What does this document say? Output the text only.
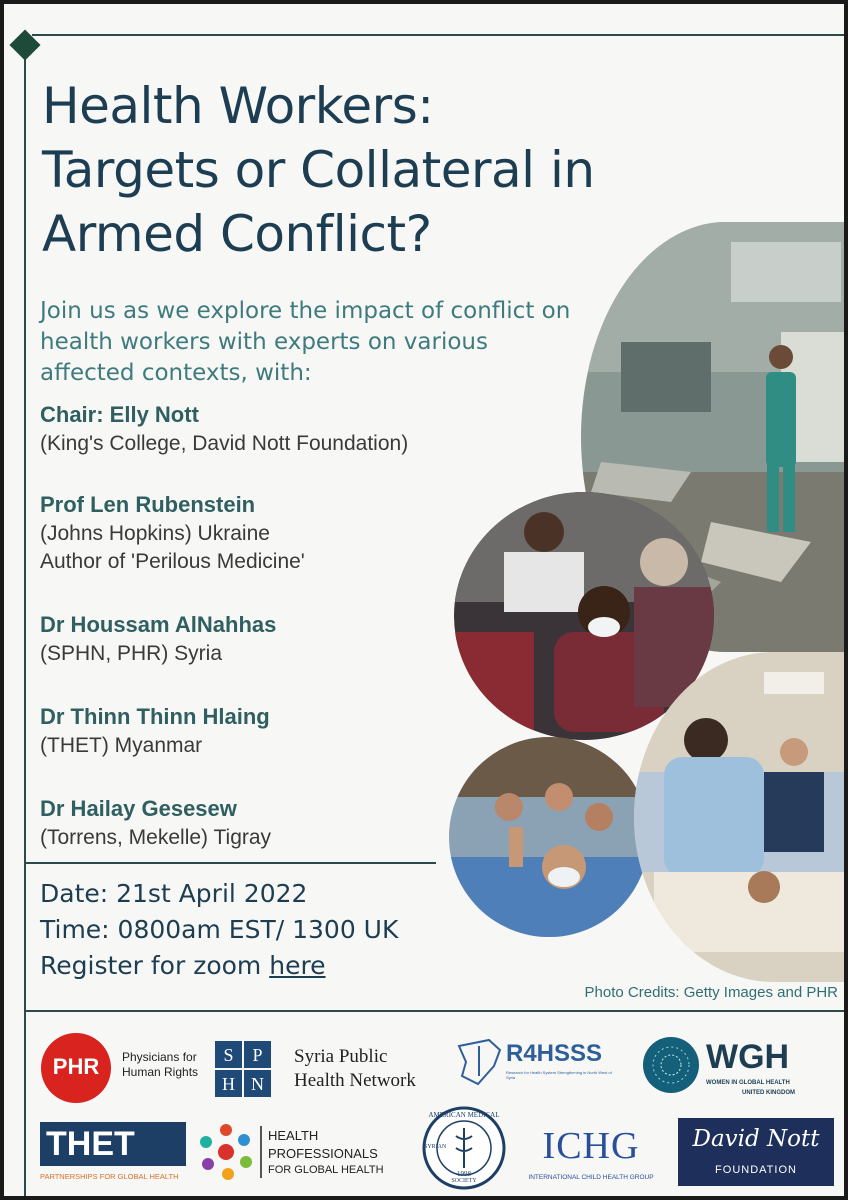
Health Workers:
Targets or Collateral in
Armed Conflict?

Join us as we explore the impact of conflict on health workers with experts on various affected contexts, with:

Chair: Elly Nott
(King's College, David Nott Foundation)
Prof Len Rubenstein
(Johns Hopkins) Ukraine
Author of 'Perilous Medicine'
Dr Houssam AlNahhas
(SPHN, PHR) Syria
Dr Thinn Thinn Hlaing
(THET) Myanmar
Dr Hailay Gesesew
(Torrens, Mekelle) Tigray
Date: 21st April 2022
Time: 0800am EST/ 1300 UK
Register for zoom here
Photo Credits: Getty Images and PHR
PHR	Physicians for
Human Rights
S	P
H N
Syria Public
Health Network
R4HSSS
Research for Health System Strengthening in North West of Syria
WGH
WOMEN IN GLOBAL HEALTH
UNITED KINGDOM
THET
PARTNERSHIPS FOR GLOBAL HEALTH
HEALTH
PROFESSIONALS
FOR GLOBAL HEALTH
AMERICAN MEDICAL
SYRIAN
1998
SOCIETY
ICHG
INTERNATIONAL CHILD HEALTH GROUP
David Nott
FOUNDATION
